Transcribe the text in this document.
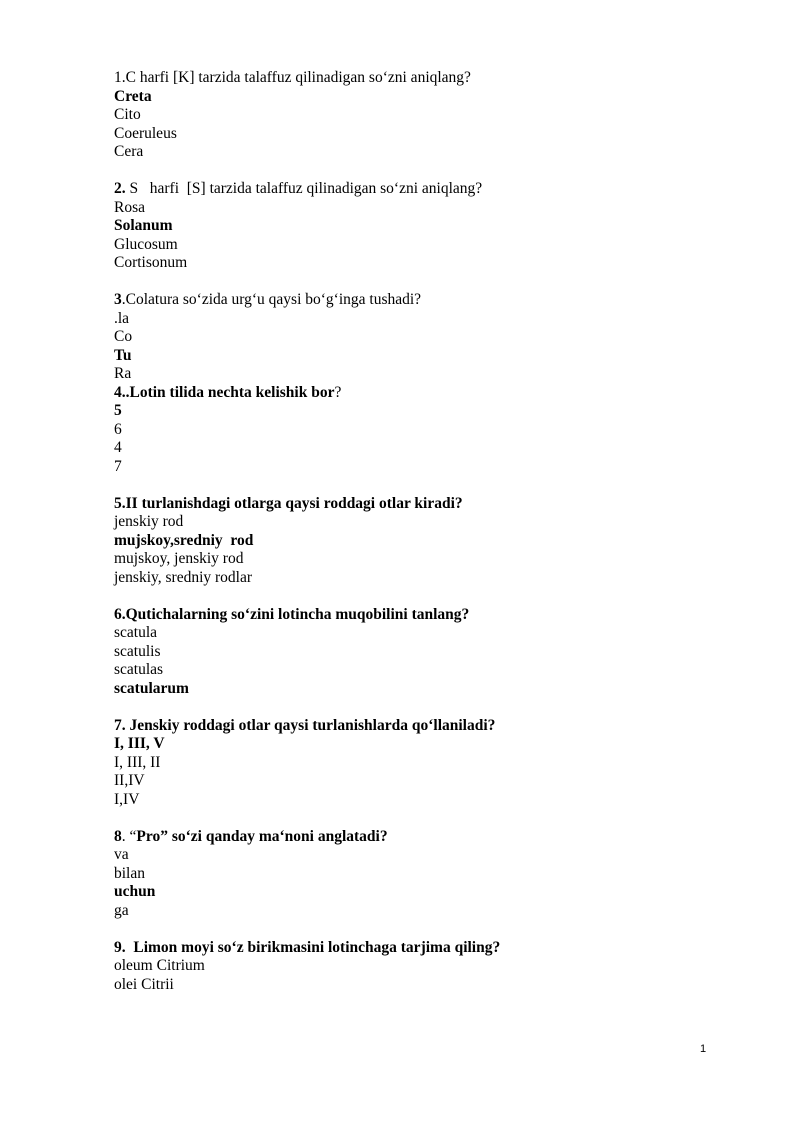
1.C harfi [K] tarzida talaffuz qilinadigan so‘zni aniqlang?
Creta
Cito
Coeruleus
Cera
2. S   harfi  [S] tarzida talaffuz qilinadigan so‘zni aniqlang?
Rosa
Solanum
Glucosum
Cortisonum
3.Colatura so‘zida urg‘u qaysi bo‘g‘inga tushadi?
.la
Co
Tu
Ra
4..Lotin tilida nechta kelishik bor?
5
6
4
7
5.II turlanishdagi otlarga qaysi roddagi otlar kiradi?
jenskiy rod
mujskoy,sredniy  rod
mujskoy, jenskiy rod
jenskiy, sredniy rodlar
6.Qutichalarning so‘zini lotincha muqobilini tanlang?
scatula
scatulis
scatulas
scatularum
7. Jenskiy roddagi otlar qaysi turlanishlarda qo‘llaniladi?
I, III, V
I, III, II
II,IV
I,IV
8. “Pro” so‘zi qanday ma‘noni anglatadi?
va
bilan
uchun
ga
9.  Limon moyi so‘z birikmasini lotinchaga tarjima qiling?
oleum Citrium
olei Citrii
1
